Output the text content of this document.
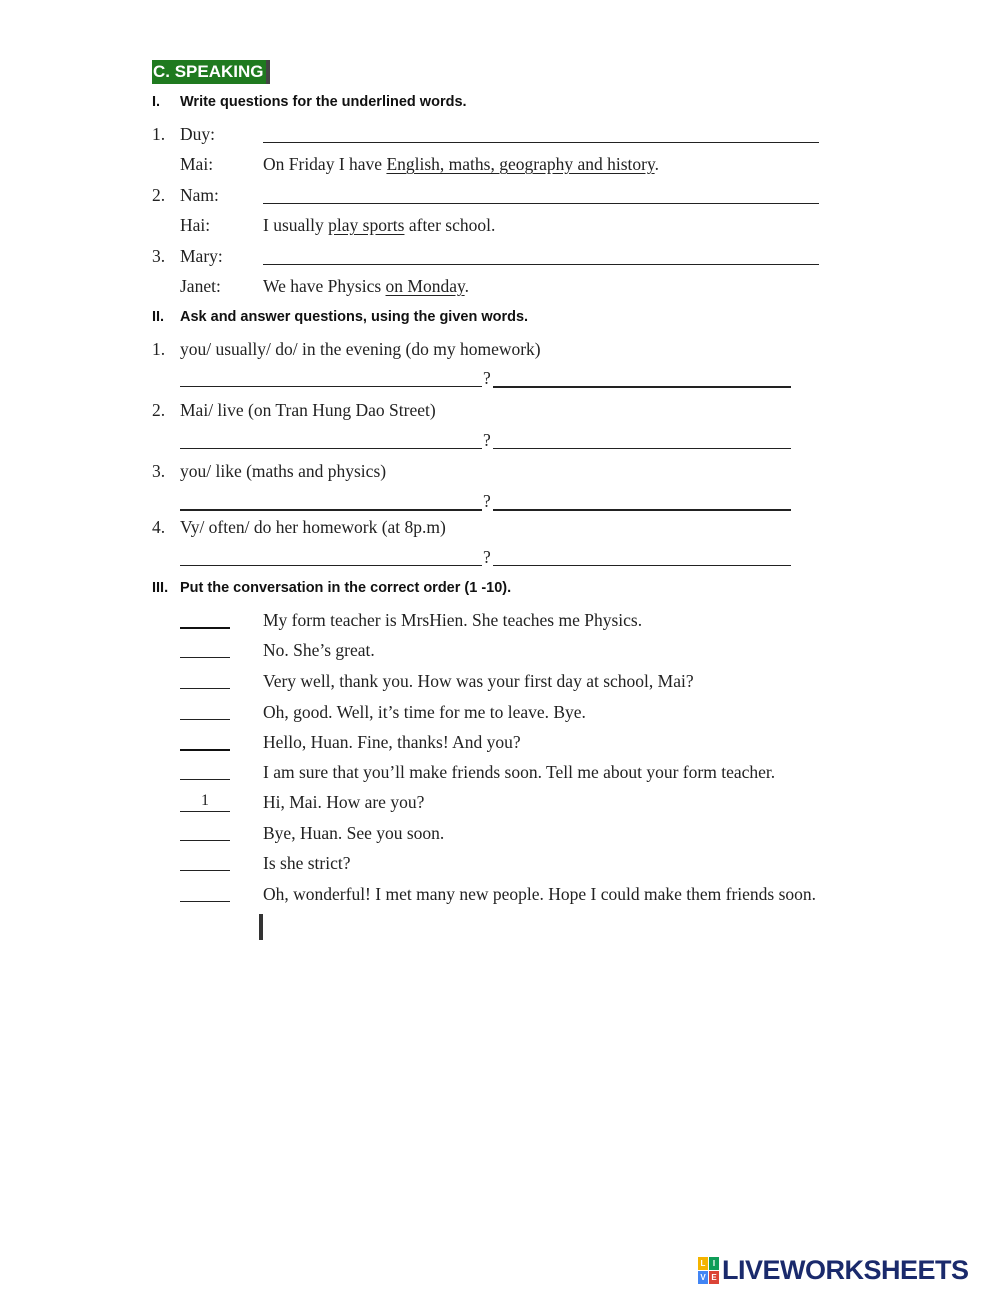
C. SPEAKING
I. Write questions for the underlined words.
1. Duy:
Mai:	On Friday I have English, maths, geography and history.
2. Nam:
Hai:	I usually play sports after school.
3. Mary:
Janet: We have Physics on Monday.
II. Ask and answer questions, using the given words.
1. you/ usually/ do/ in the evening (do my homework)
?
2. Mai/ live (on Tran Hung Dao Street)
?
3. you/ like (maths and physics)
?
4. Vy/ often/ do her homework (at 8p.m)
?
III. Put the conversation in the correct order (1 -10).
My form teacher is MrsHien. She teaches me Physics.
No. She’s great.
Very well, thank you. How was your first day at school, Mai?
Oh, good. Well, it’s time for me to leave. Bye.
Hello, Huan. Fine, thanks! And you?
I am sure that you’ll make friends soon. Tell me about your form teacher.
1	Hi, Mai. How are you?
Bye, Huan. See you soon.
Is she strict?
Oh, wonderful! I met many new people. Hope I could make them friends soon.
L I
V E LIVEWORKSHEETS
